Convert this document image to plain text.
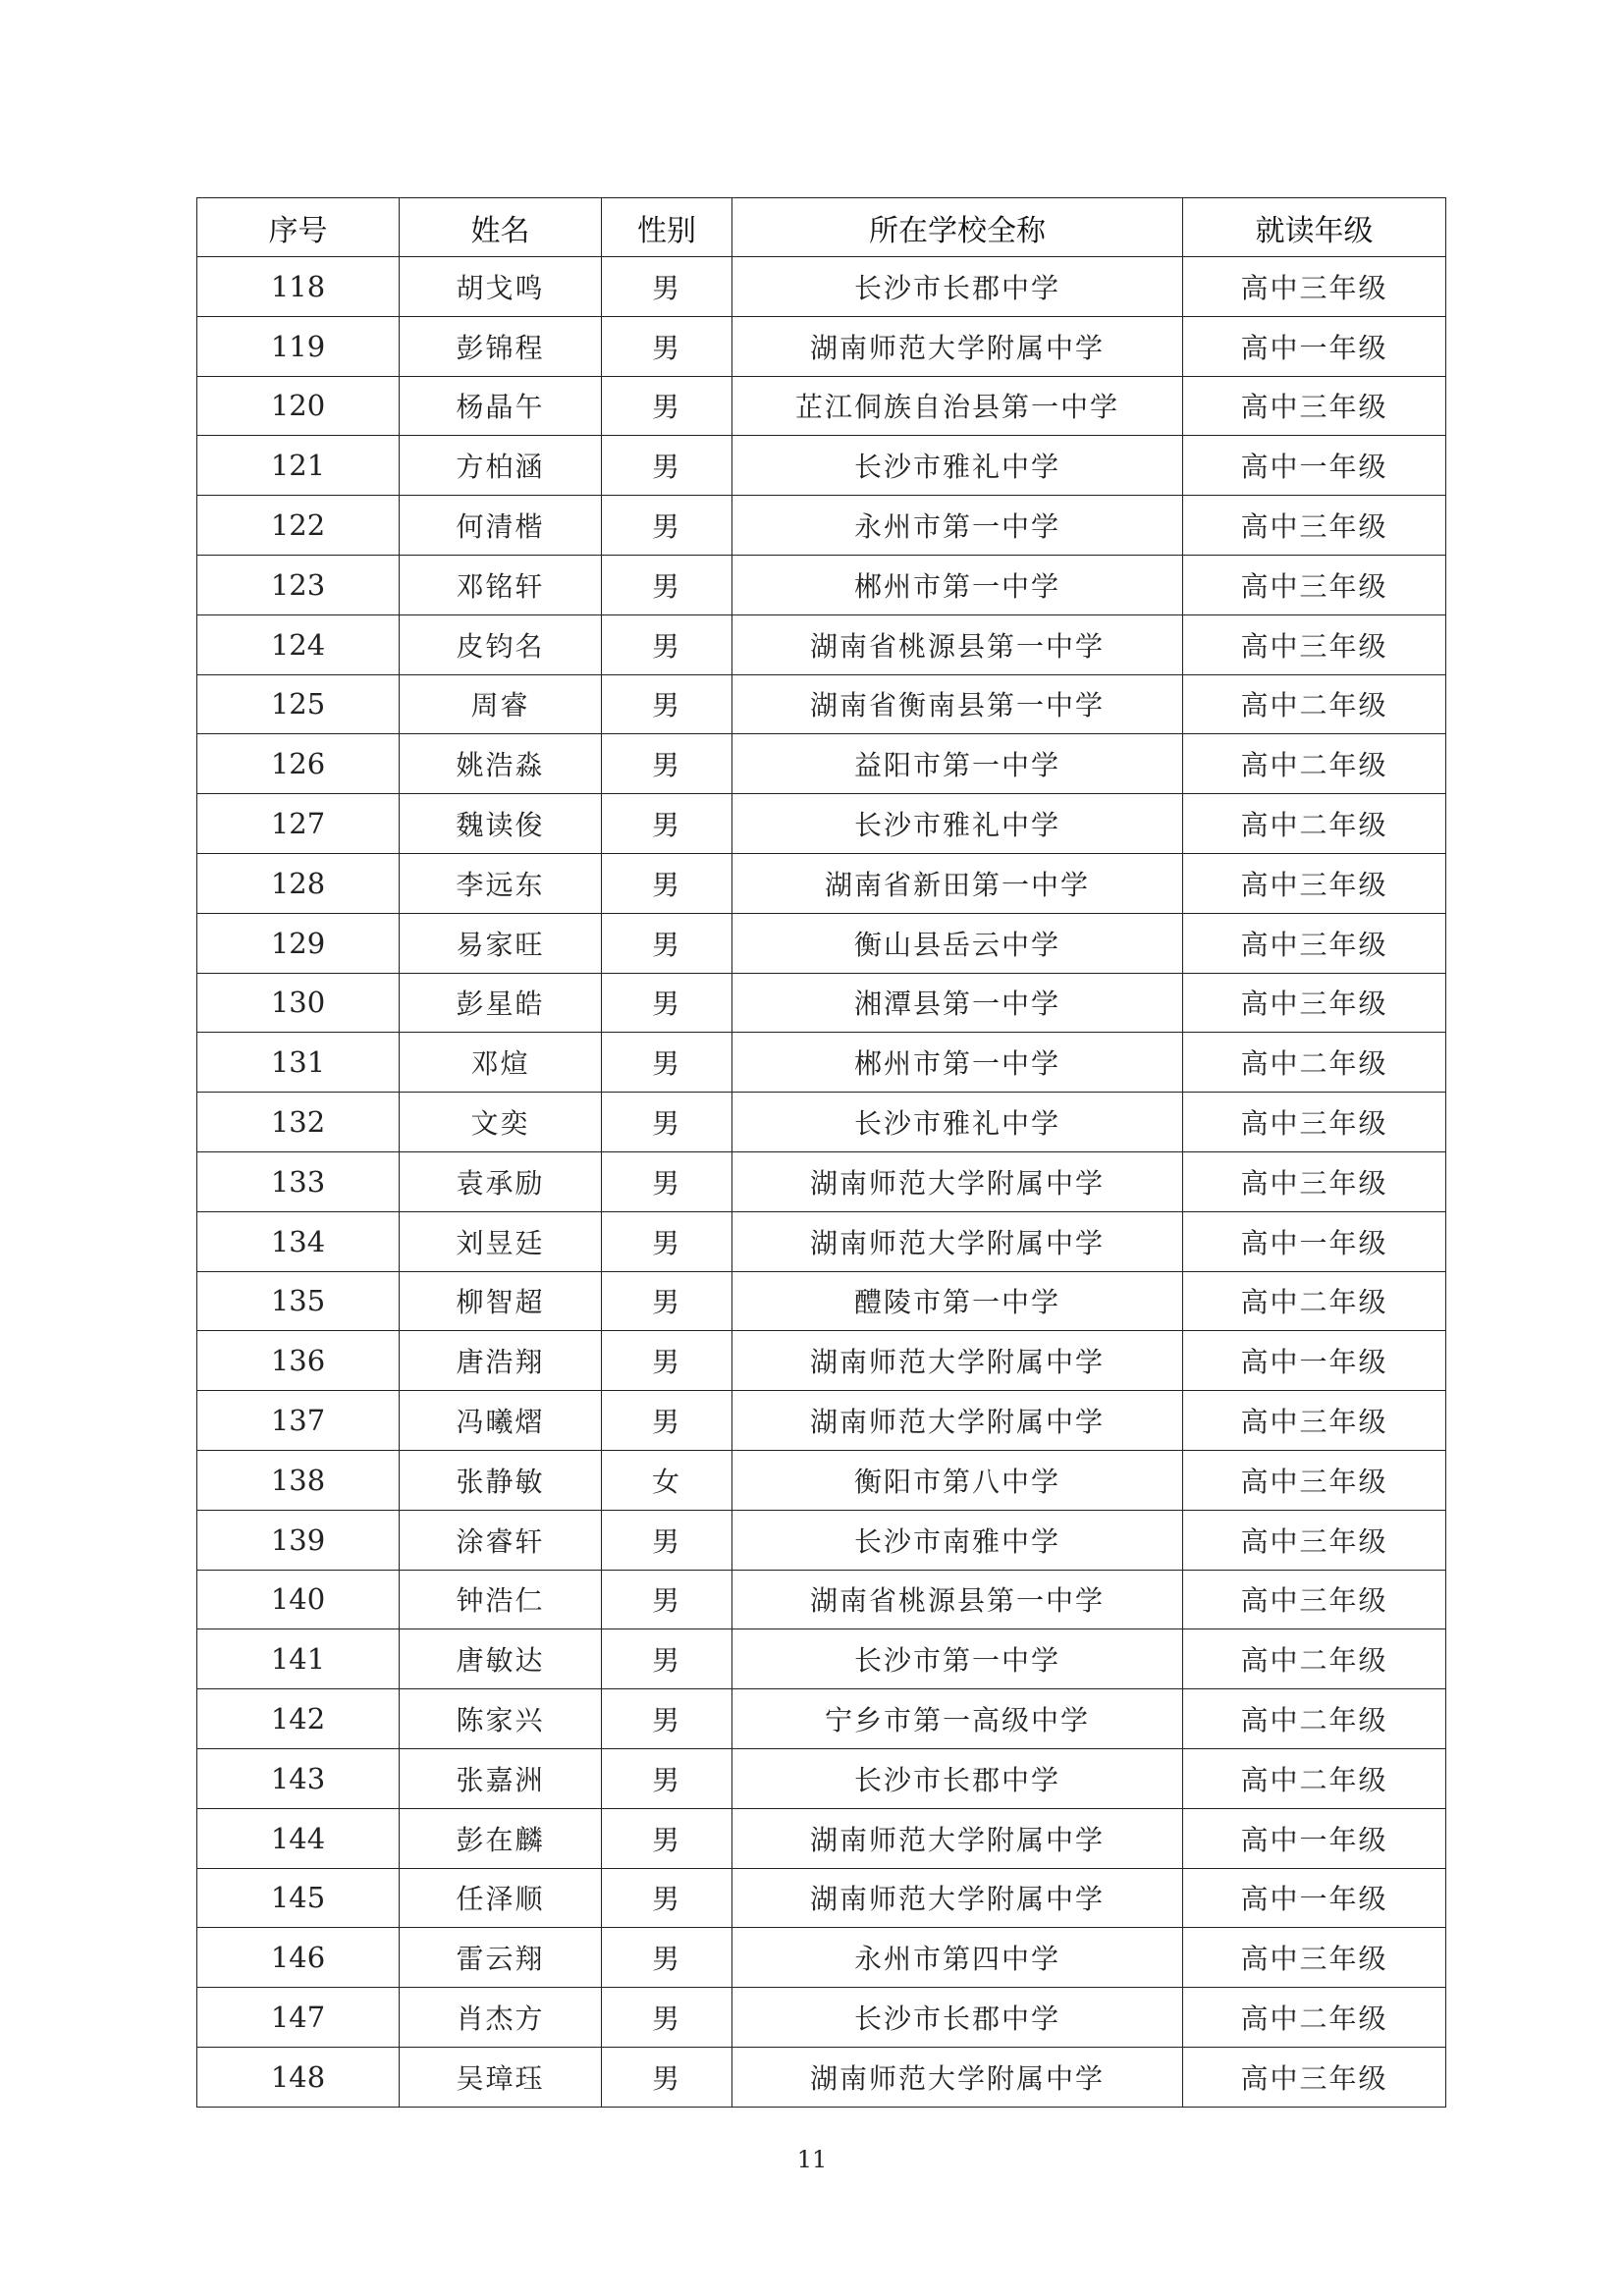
序号	姓名	性别	所在学校全称	就读年级
118	胡戈鸣	男	长沙市长郡中学	高中三年级
119	彭锦程	男	湖南师范大学附属中学	高中一年级
120	杨晶午	男	芷江侗族自治县第一中学	高中三年级
121	方柏涵	男	长沙市雅礼中学	高中一年级
122	何清楷	男	永州市第一中学	高中三年级
123	邓铭轩	男	郴州市第一中学	高中三年级
124	皮钧名	男	湖南省桃源县第一中学	高中三年级
125	周睿	男	湖南省衡南县第一中学	高中二年级
126	姚浩淼	男	益阳市第一中学	高中二年级
127	魏读俊	男	长沙市雅礼中学	高中二年级
128	李远东	男	湖南省新田第一中学	高中三年级
129	易家旺	男	衡山县岳云中学	高中三年级
130	彭星皓	男	湘潭县第一中学	高中三年级
131	邓煊	男	郴州市第一中学	高中二年级
132	文奕	男	长沙市雅礼中学	高中三年级
133	袁承励	男	湖南师范大学附属中学	高中三年级
134	刘昱廷	男	湖南师范大学附属中学	高中一年级
135	柳智超	男	醴陵市第一中学	高中二年级
136	唐浩翔	男	湖南师范大学附属中学	高中一年级
137	冯曦熠	男	湖南师范大学附属中学	高中三年级
138	张静敏	女	衡阳市第八中学	高中三年级
139	涂睿轩	男	长沙市南雅中学	高中三年级
140	钟浩仁	男	湖南省桃源县第一中学	高中三年级
141	唐敏达	男	长沙市第一中学	高中二年级
142	陈家兴	男	宁乡市第一高级中学	高中二年级
143	张嘉洲	男	长沙市长郡中学	高中二年级
144	彭在麟	男	湖南师范大学附属中学	高中一年级
145	任泽顺	男	湖南师范大学附属中学	高中一年级
146	雷云翔	男	永州市第四中学	高中三年级
147	肖杰方	男	长沙市长郡中学	高中二年级
148	吴璋珏	男	湖南师范大学附属中学	高中三年级
11
